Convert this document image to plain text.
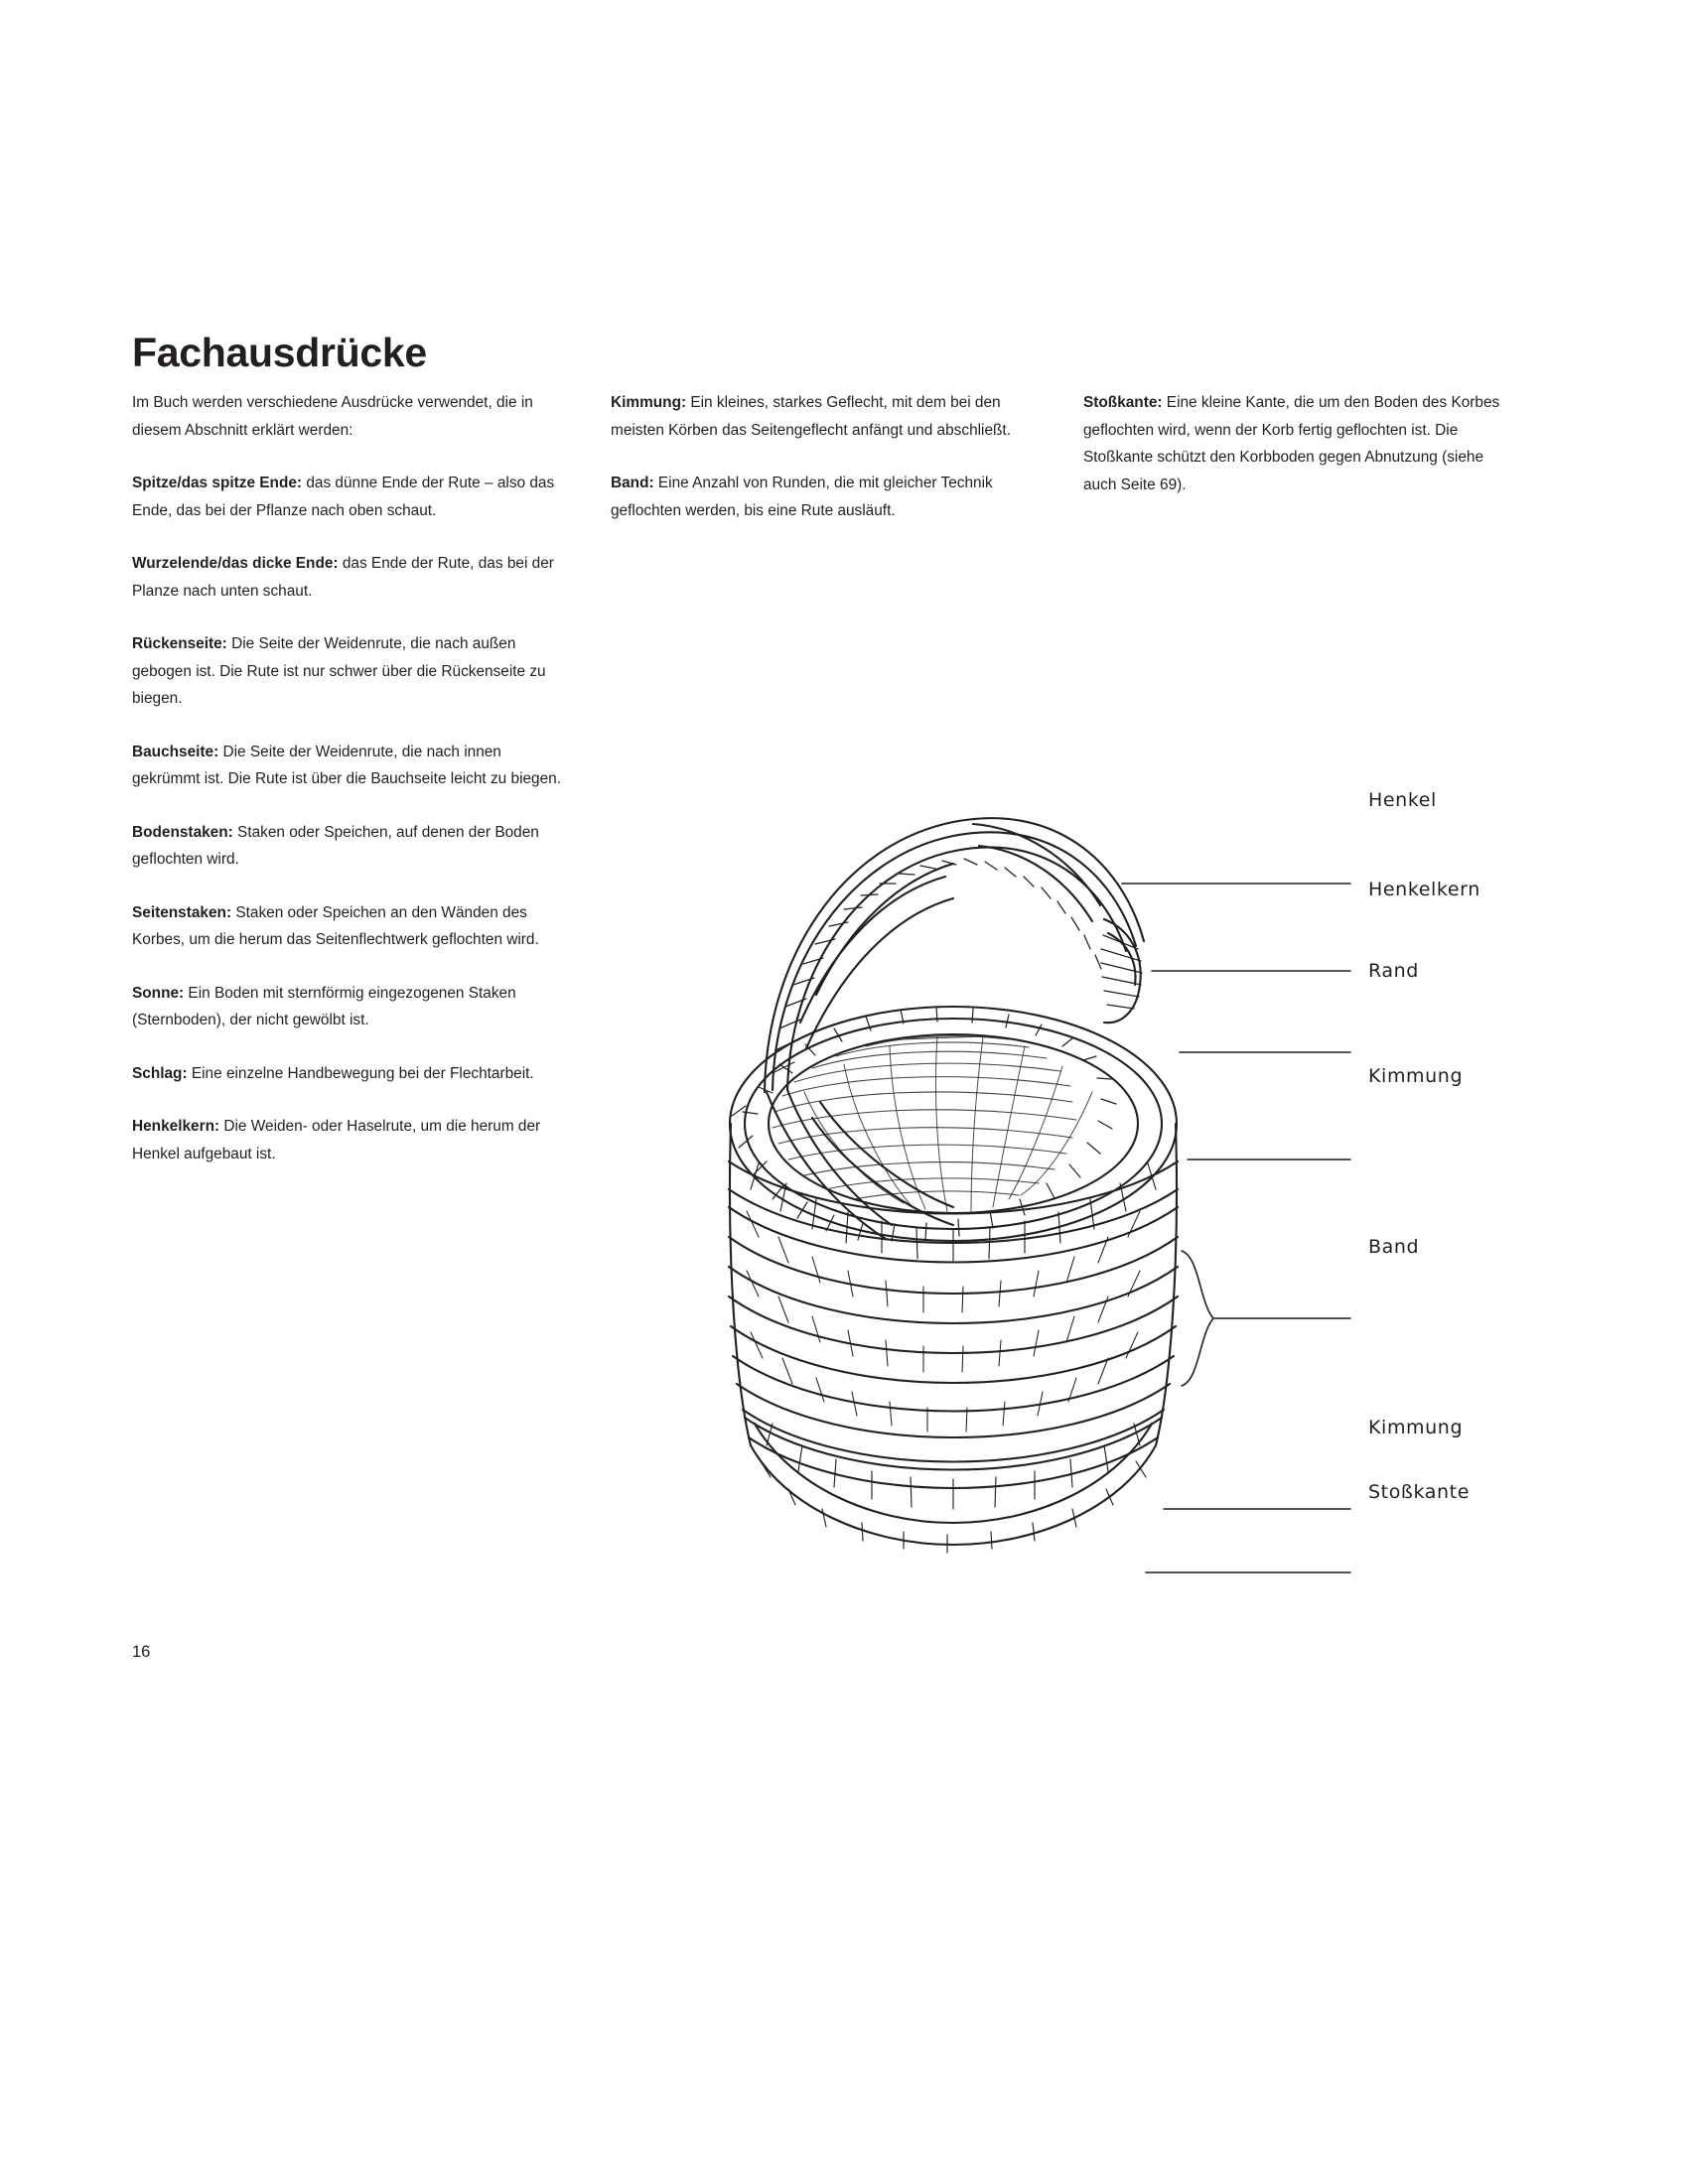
Fachausdrücke

Im Buch werden verschiedene Ausdrücke verwendet, die in diesem Abschnitt erklärt werden:

Spitze/das spitze Ende: das dünne Ende der Rute – also das Ende, das bei der Pflanze nach oben schaut.

Wurzelende/das dicke Ende: das Ende der Rute, das bei der Planze nach unten schaut.

Rückenseite: Die Seite der Weidenrute, die nach außen gebogen ist. Die Rute ist nur schwer über die Rückenseite zu biegen.

Bauchseite: Die Seite der Weidenrute, die nach innen gekrümmt ist. Die Rute ist über die Bauchseite leicht zu biegen.

Bodenstaken: Staken oder Speichen, auf denen der Boden geflochten wird.

Seitenstaken: Staken oder Speichen an den Wänden des Korbes, um die herum das Seitenflechtwerk geflochten wird.

Sonne: Ein Boden mit sternförmig eingezogenen Staken (Sternboden), der nicht gewölbt ist.

Schlag: Eine einzelne Handbewegung bei der Flechtarbeit.

Henkelkern: Die Weiden- oder Haselrute, um die herum der Henkel aufgebaut ist.

Kimmung: Ein kleines, starkes Geflecht, mit dem bei den meisten Körben das Seitengeflecht anfängt und abschließt.

Band: Eine Anzahl von Runden, die mit gleicher Technik geflochten werden, bis eine Rute ausläuft.

Stoßkante: Eine kleine Kante, die um den Boden des Korbes geflochten wird, wenn der Korb fertig geflochten ist. Die Stoßkante schützt den Korbboden gegen Abnutzung (siehe auch Seite 69).

Henkel
Henkelkern
Rand
Kimmung
Band
Kimmung
Stoßkante
16
